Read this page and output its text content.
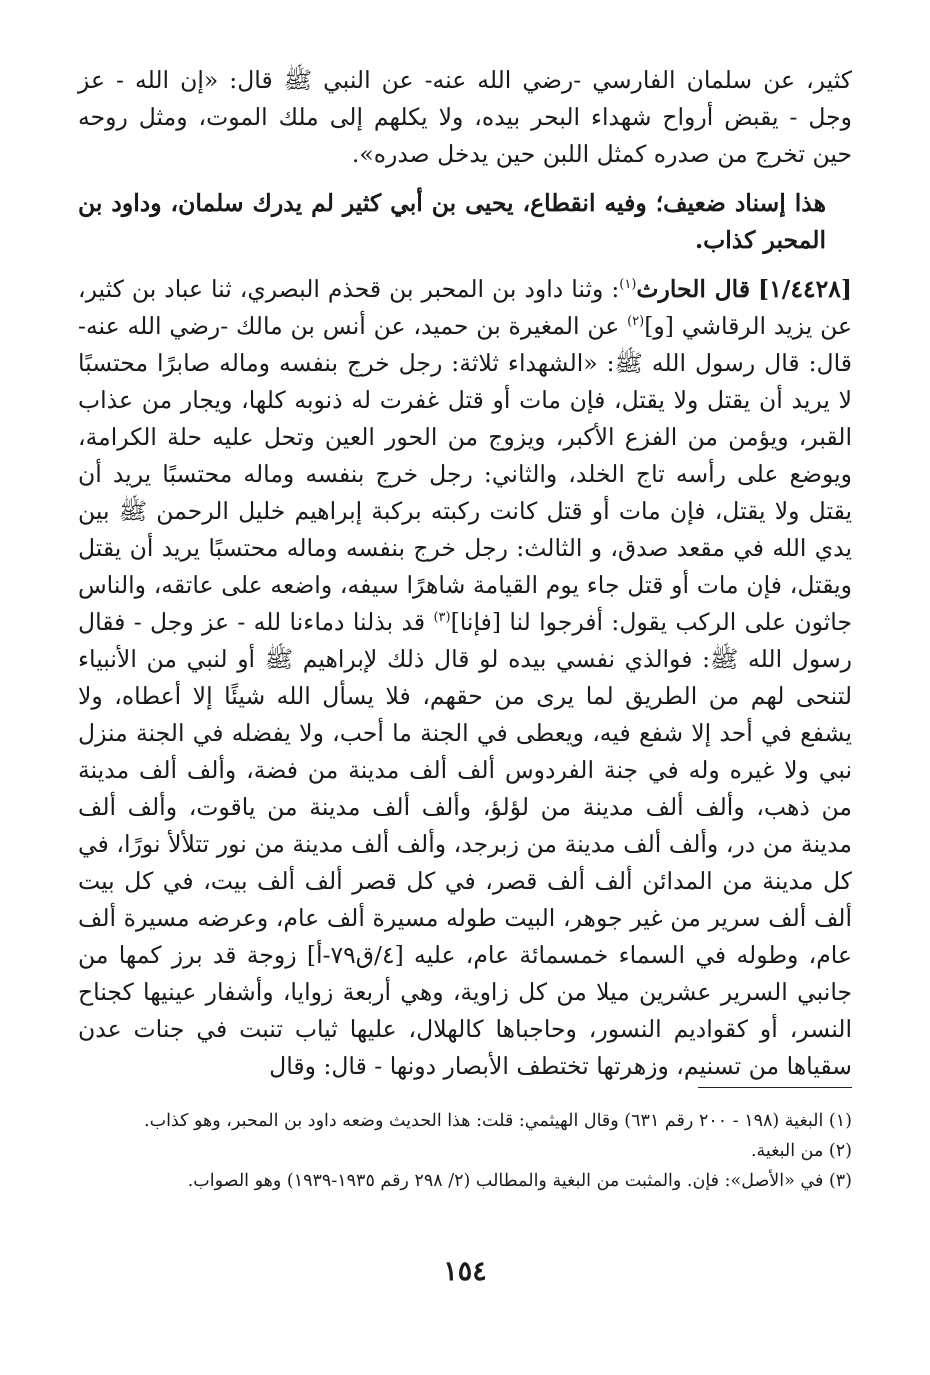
كثير، عن سلمان الفارسي -رضي الله عنه- عن النبي ﷺ قال: «إن الله - عز وجل - يقبض أرواح شهداء البحر بيده، ولا يكلهم إلى ملك الموت، ومثل روحه حين تخرج من صدره كمثل اللبن حين يدخل صدره».

هذا إسناد ضعيف؛ وفيه انقطاع، يحيى بن أبي كثير لم يدرك سلمان، وداود بن المحبر كذاب.

[١/٤٤٢٨] قال الحارث$^{(١)}$: وثنا داود بن المحبر بن قحذم البصري، ثنا عباد بن كثير، عن يزيد الرقاشي [و]$^{(٢)}$ عن المغيرة بن حميد، عن أنس بن مالك -رضي الله عنه- قال: قال رسول الله ﷺ: «الشهداء ثلاثة: رجل خرج بنفسه وماله صابرًا محتسبًا لا يريد أن يقتل ولا يقتل، فإن مات أو قتل غفرت له ذنوبه كلها، ويجار من عذاب القبر، ويؤمن من الفزع الأكبر، ويزوج من الحور العين وتحل عليه حلة الكرامة، ويوضع على رأسه تاج الخلد، والثاني: رجل خرج بنفسه وماله محتسبًا يريد أن يقتل ولا يقتل، فإن مات أو قتل كانت ركبته بركبة إبراهيم خليل الرحمن ﷺ بين يدي الله في مقعد صدق، و الثالث: رجل خرج بنفسه وماله محتسبًا يريد أن يقتل ويقتل، فإن مات أو قتل جاء يوم القيامة شاهرًا سيفه، واضعه على عاتقه، والناس جاثون على الركب يقول: أفرجوا لنا [فإنا]$^{(٣)}$ قد بذلنا دماءنا لله - عز وجل - فقال رسول الله ﷺ: فوالذي نفسي بيده لو قال ذلك لإبراهيم ﷺ أو لنبي من الأنبياء لتنحى لهم من الطريق لما يرى من حقهم، فلا يسأل الله شيئًا إلا أعطاه، ولا يشفع في أحد إلا شفع فيه، ويعطى في الجنة ما أحب، ولا يفضله في الجنة منزل نبي ولا غيره وله في جنة الفردوس ألف ألف مدينة من فضة، وألف ألف مدينة من ذهب، وألف ألف مدينة من لؤلؤ، وألف ألف مدينة من ياقوت، وألف ألف مدينة من در، وألف ألف مدينة من زبرجد، وألف ألف مدينة من نور تتلألأ نورًا، في كل مدينة من المدائن ألف ألف قصر، في كل قصر ألف ألف بيت، في كل بيت ألف ألف سرير من غير جوهر، البيت طوله مسيرة ألف عام، وعرضه مسيرة ألف عام، وطوله في السماء خمسمائة عام، عليه [٤/ق٧٩-أ] زوجة قد برز كمها من جانبي السرير عشرين ميلا من كل زاوية، وهي أربعة زوايا، وأشفار عينيها كجناح النسر، أو كقواديم النسور، وحاجباها كالهلال، عليها ثياب تنبت في جنات عدن سقياها من تسنيم، وزهرتها تختطف الأبصار دونها - قال: وقال

(١) البغية (١٩٨ - ٢٠٠ رقم ٦٣١) وقال الهيثمي: قلت: هذا الحديث وضعه داود بن المحبر، وهو كذاب.

(٢) من البغية.

(٣) في «الأصل»: فإن. والمثبت من البغية والمطالب (٢/ ٢٩٨ رقم ١٩٣٥-١٩٣٩) وهو الصواب.

١٥٤
